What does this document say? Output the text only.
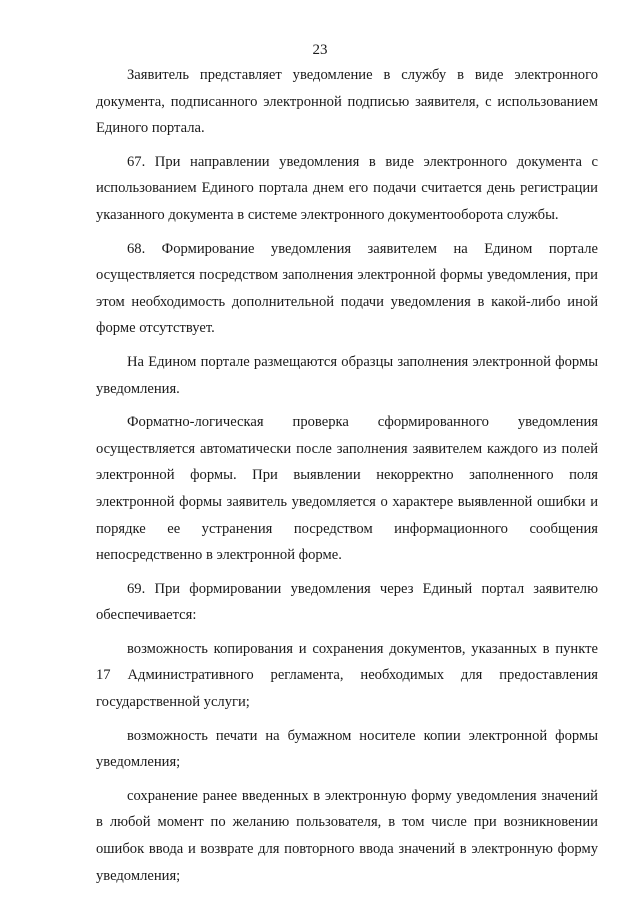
23

Заявитель представляет уведомление в службу в виде электронного документа, подписанного электронной подписью заявителя, с использованием Единого портала.

67. При направлении уведомления в виде электронного документа с использованием Единого портала днем его подачи считается день регистрации указанного документа в системе электронного документооборота службы.

68. Формирование уведомления заявителем на Едином портале осуществляется посредством заполнения электронной формы уведомления, при этом необходимость дополнительной подачи уведомления в какой-либо иной форме отсутствует.

На Едином портале размещаются образцы заполнения электронной формы уведомления.

Форматно-логическая проверка сформированного уведомления осуществляется автоматически после заполнения заявителем каждого из полей электронной формы. При выявлении некорректно заполненного поля электронной формы заявитель уведомляется о характере выявленной ошибки и порядке ее устранения посредством информационного сообщения непосредственно в электронной форме.

69. При формировании уведомления через Единый портал заявителю обеспечивается:

возможность копирования и сохранения документов, указанных в пункте 17 Административного регламента, необходимых для предоставления государственной услуги;

возможность печати на бумажном носителе копии электронной формы уведомления;

сохранение ранее введенных в электронную форму уведомления значений в любой момент по желанию пользователя, в том числе при возникновении ошибок ввода и возврате для повторного ввода значений в электронную форму уведомления;
